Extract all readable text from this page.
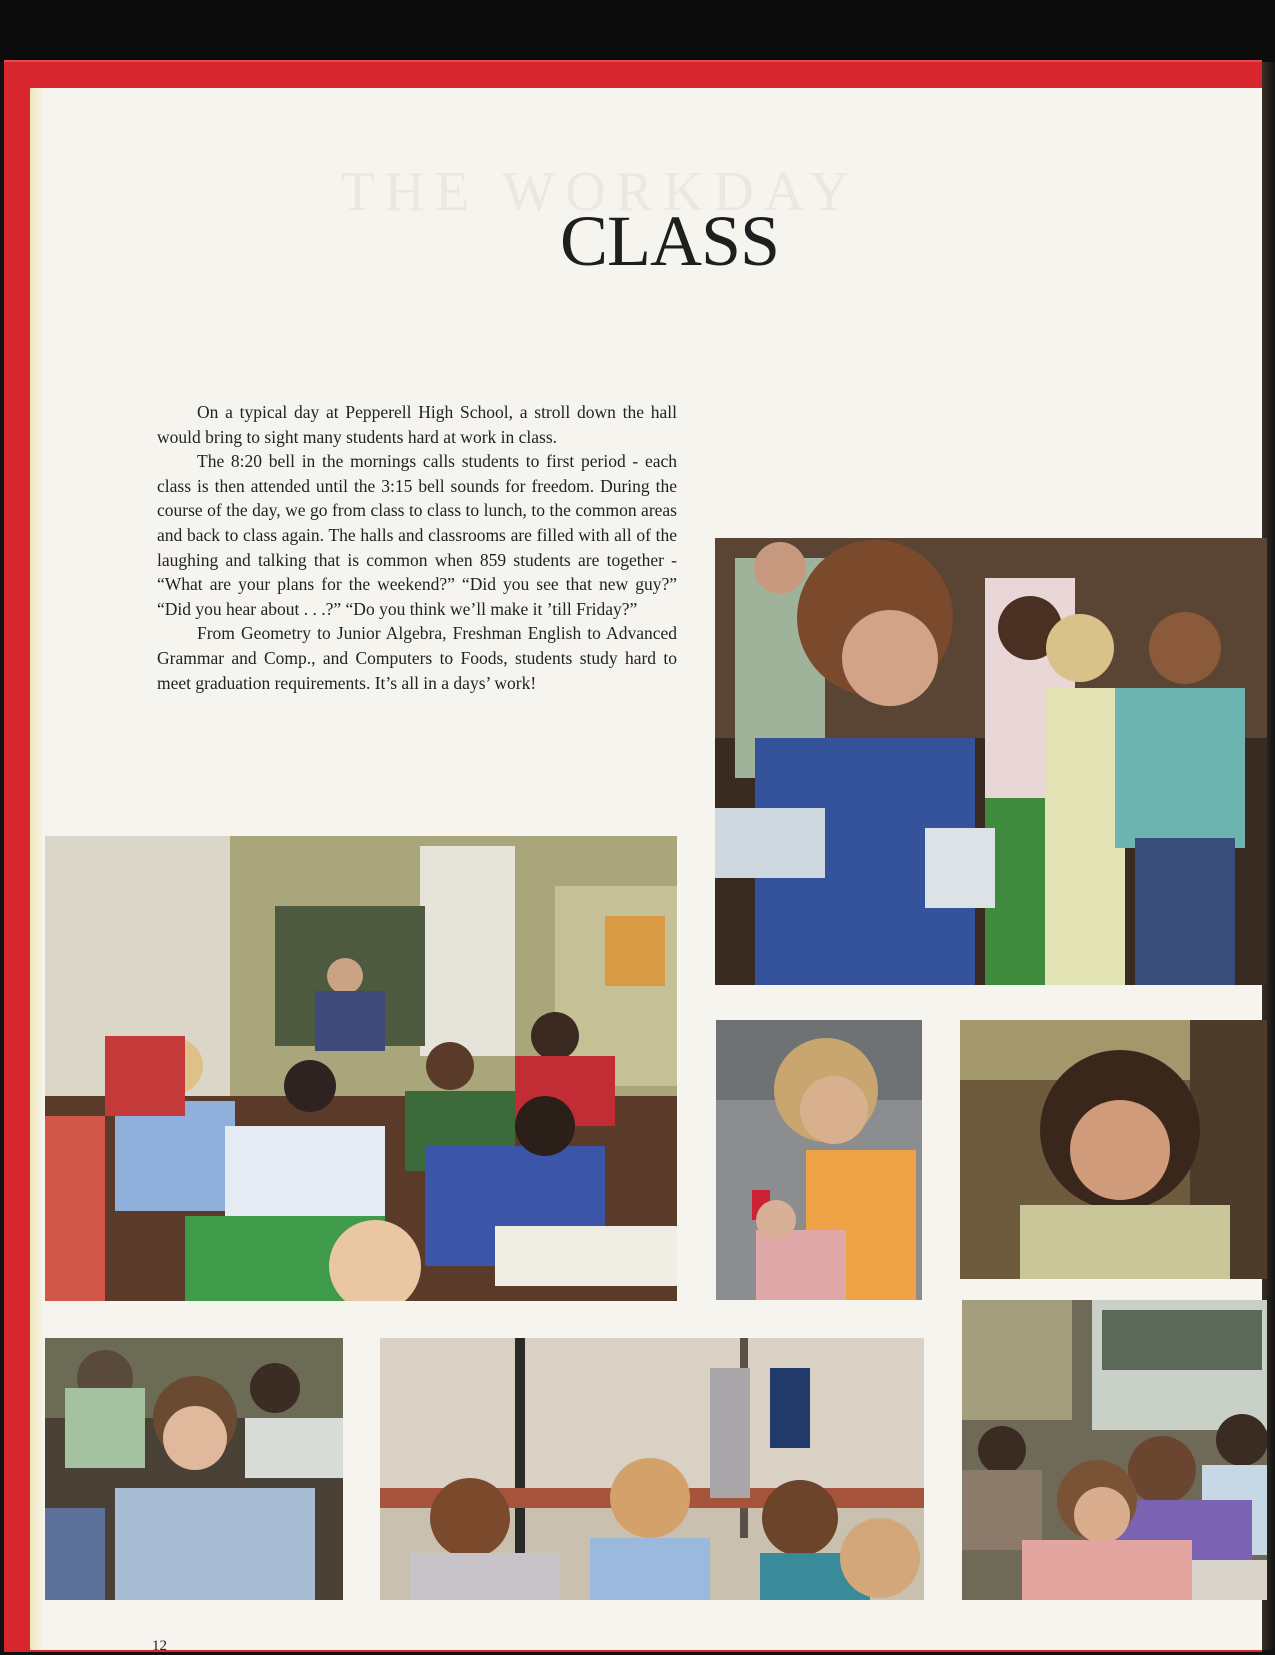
THE WORKDAY
CLASS

On a typical day at Pepperell High School, a stroll down the hall would bring to sight many students hard at work in class.

The 8:20 bell in the mornings calls students to first period - each class is then attended until the 3:15 bell sounds for freedom. During the course of the day, we go from class to class to lunch, to the common areas and back to class again. The halls and classrooms are filled with all of the laughing and talking that is common when 859 students are together - “What are your plans for the weekend?” “Did you see that new guy?” “Did you hear about . . .?” “Do you think we’ll make it ’till Friday?”

From Geometry to Junior Algebra, Freshman English to Advanced Grammar and Comp., and Computers to Foods, students study hard to meet graduation requirements. It’s all in a days’ work!

12
